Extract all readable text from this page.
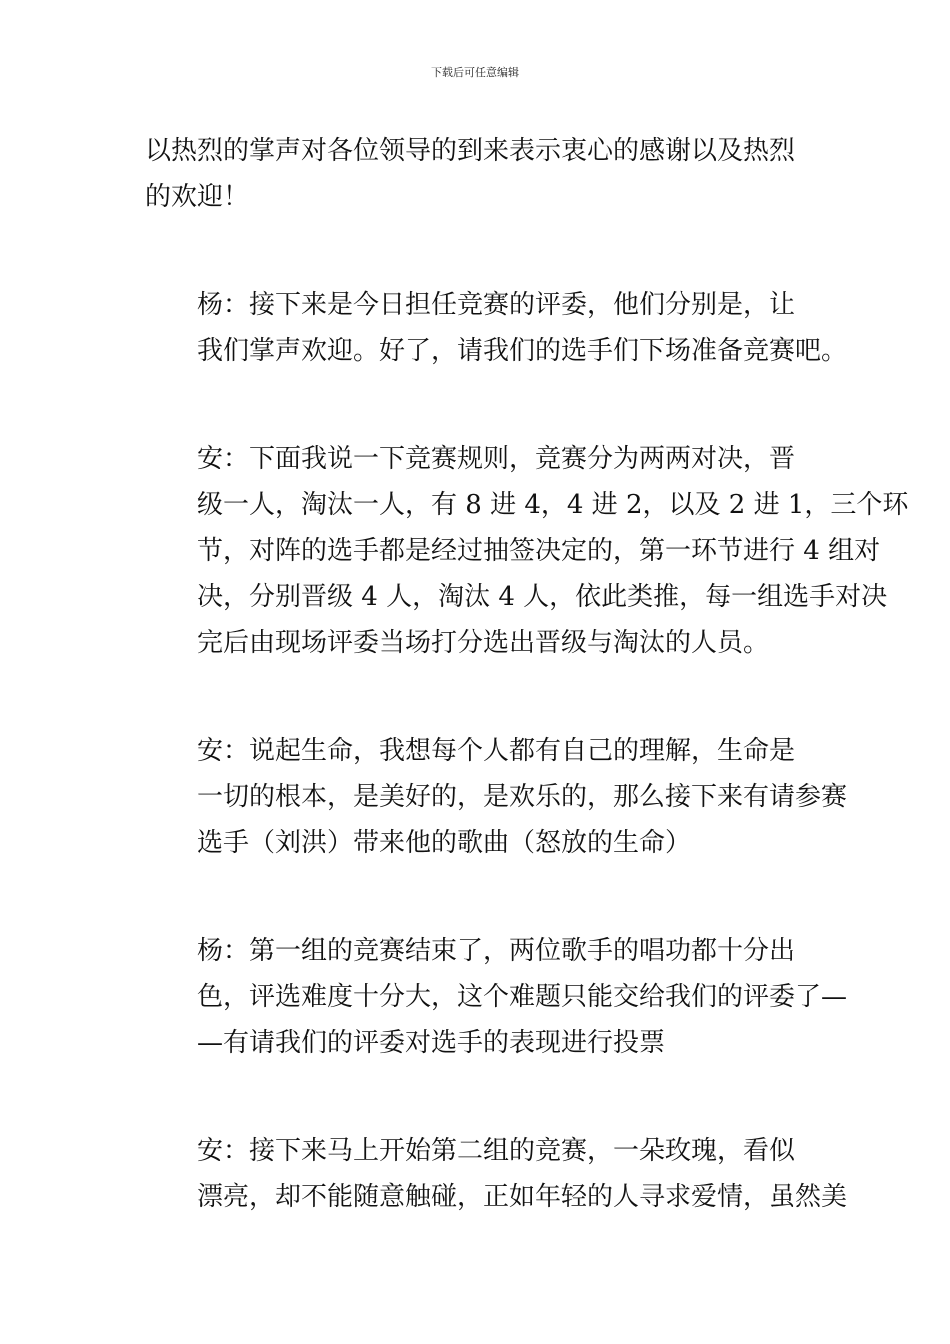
下载后可任意编辑

以热烈的掌声对各位领导的到来表示衷心的感谢以及热烈
的欢迎！

杨：接下来是今日担任竞赛的评委，他们分别是，让
我们掌声欢迎。好了，请我们的选手们下场准备竞赛吧。

安：下面我说一下竞赛规则，竞赛分为两两对决，晋
级一人，淘汰一人，有 8 进 4，4 进 2，以及 2 进 1，三个环
节，对阵的选手都是经过抽签决定的，第一环节进行 4 组对
决，分别晋级 4 人，淘汰 4 人，依此类推，每一组选手对决
完后由现场评委当场打分选出晋级与淘汰的人员。

安：说起生命，我想每个人都有自己的理解，生命是
一切的根本，是美好的，是欢乐的，那么接下来有请参赛
选手（刘洪）带来他的歌曲（怒放的生命）

杨：第一组的竞赛结束了，两位歌手的唱功都十分出
色，评选难度十分大，这个难题只能交给我们的评委了—
—有请我们的评委对选手的表现进行投票

安：接下来马上开始第二组的竞赛，一朵玫瑰，看似
漂亮，却不能随意触碰，正如年轻的人寻求爱情，虽然美
